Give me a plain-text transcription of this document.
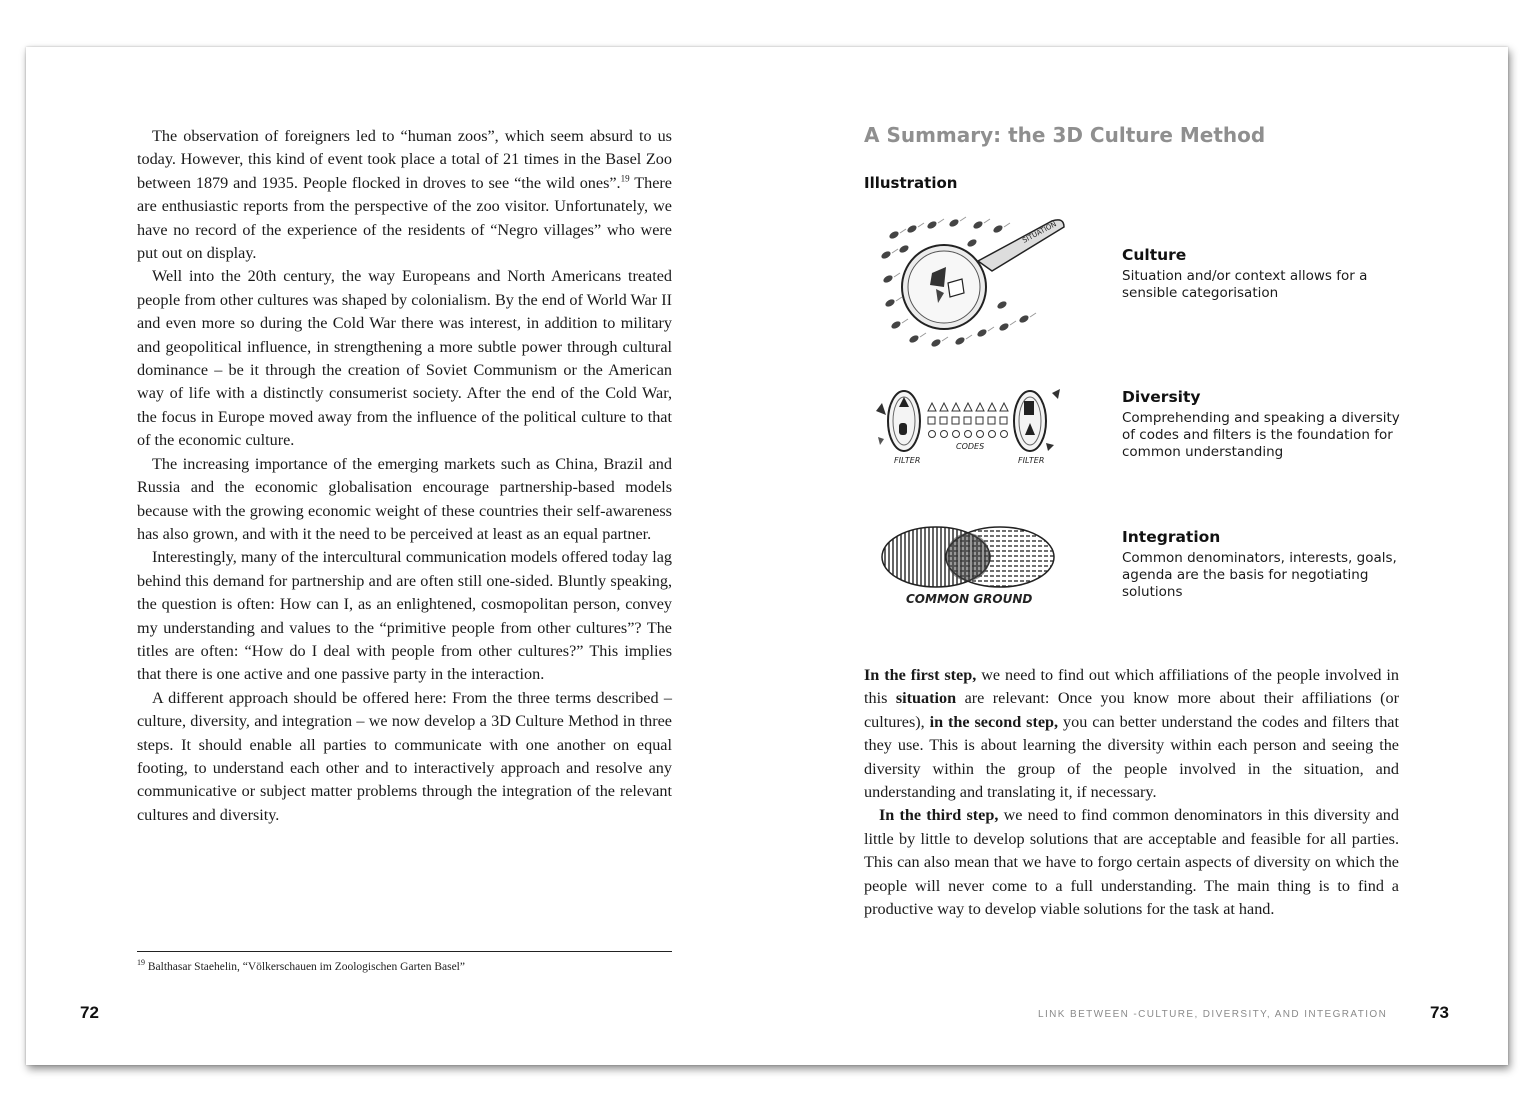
The observation of foreigners led to “human zoos”, which seem absurd to us today. However, this kind of event took place a total of 21 times in the Basel Zoo between 1879 and 1935. People flocked in droves to see “the wild ones”.$^{19}$ There are enthusiastic reports from the perspective of the zoo visitor. Unfortunately, we have no record of the experience of the residents of “Negro villages” who were put out on display.

Well into the 20th century, the way Europeans and North Americans treated people from other cultures was shaped by colonialism. By the end of World War II and even more so during the Cold War there was interest, in addition to military and geopolitical influence, in strengthening a more subtle power through cultural dominance – be it through the creation of Soviet Communism or the American way of life with a distinctly consumerist society. After the end of the Cold War, the focus in Europe moved away from the influence of the political culture to that of the economic culture.

The increasing importance of the emerging markets such as China, Brazil and Russia and the economic globalisation encourage partnership-based models because with the growing economic weight of these countries their self-awareness has also grown, and with it the need to be perceived at least as an equal partner.

Interestingly, many of the intercultural communication models offered today lag behind this demand for partnership and are often still one-sided. Bluntly speaking, the question is often: How can I, as an enlightened, cosmopolitan person, convey my understanding and values to the “primitive people from other cultures”? The titles are often: “How do I deal with people from other cultures?” This implies that there is one active and one passive party in the interaction.

A different approach should be offered here: From the three terms described – culture, diversity, and integration – we now develop a 3D Culture Method in three steps. It should enable all parties to communicate with one another on equal footing, to understand each other and to interactively approach and resolve any communicative or subject matter problems through the integration of the relevant cultures and diversity.

$^{19}$ Balthasar Staehelin, “Völkerschauen im Zoologischen Garten Basel”
72
A Summary: the 3D Culture Method
Illustration
SITUATION
FILTER
CODES
FILTER
COMMON GROUND
Culture
Situation and/or context allows for a sensible categorisation
Diversity
Comprehending and speaking a diversity of codes and filters is the foundation for common understanding
Integration
Common denominators, interests, goals, agenda are the basis for negotiating solutions

In the first step, we need to find out which affiliations of the people involved in this situation are relevant: Once you know more about their affiliations (or cultures), in the second step, you can better understand the codes and filters that they use. This is about learning the diversity within each person and seeing the diversity within the group of the people involved in the situation, and understanding and translating it, if necessary.

In the third step, we need to find common denominators in this diversity and little by little to develop solutions that are acceptable and feasible for all parties. This can also mean that we have to forgo certain aspects of diversity on which the people will never come to a full understanding. The main thing is to find a productive way to develop viable solutions for the task at hand.

LINK BETWEEN -CULTURE, DIVERSITY, AND INTEGRATION	73
